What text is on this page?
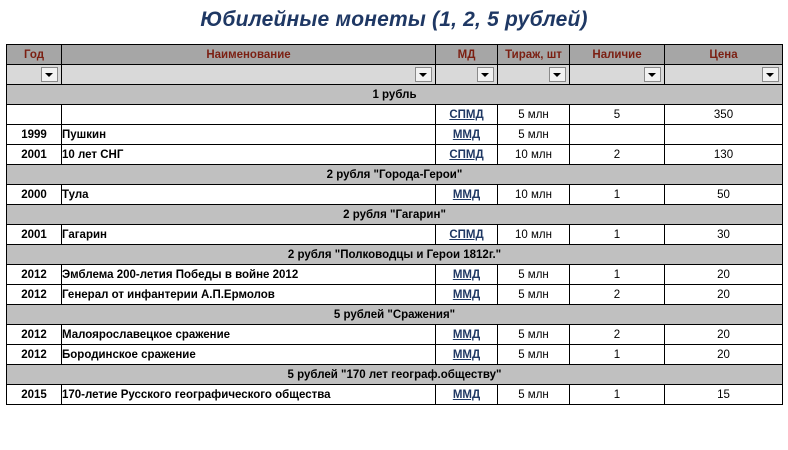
Юбилейные монеты (1, 2, 5 рублей)
Год	Наименование	МД	Тираж, шт	Наличие	Цена

1 рубль					
		СПМД	5 млн	5	350
1999	Пушкин	ММД	5 млн		
2001	10 лет СНГ	СПМД	10 млн	2	130
2 рубля "Города-Герои"					
2000	Тула	ММД	10 млн	1	50
2 рубля "Гагарин"					
2001	Гагарин	СПМД	10 млн	1	30
2 рубля "Полководцы и Герои 1812г."					
2012	Эмблема 200-летия Победы в войне 2012	ММД	5 млн	1	20
2012	Генерал от инфантерии А.П.Ермолов	ММД	5 млн	2	20
5 рублей "Сражения"					
2012	Малоярославецкое сражение	ММД	5 млн	2	20
2012	Бородинское сражение	ММД	5 млн	1	20
5 рублей "170 лет географ.обществу"					
2015	170-летие Русского географического общества	ММД	5 млн	1	15
